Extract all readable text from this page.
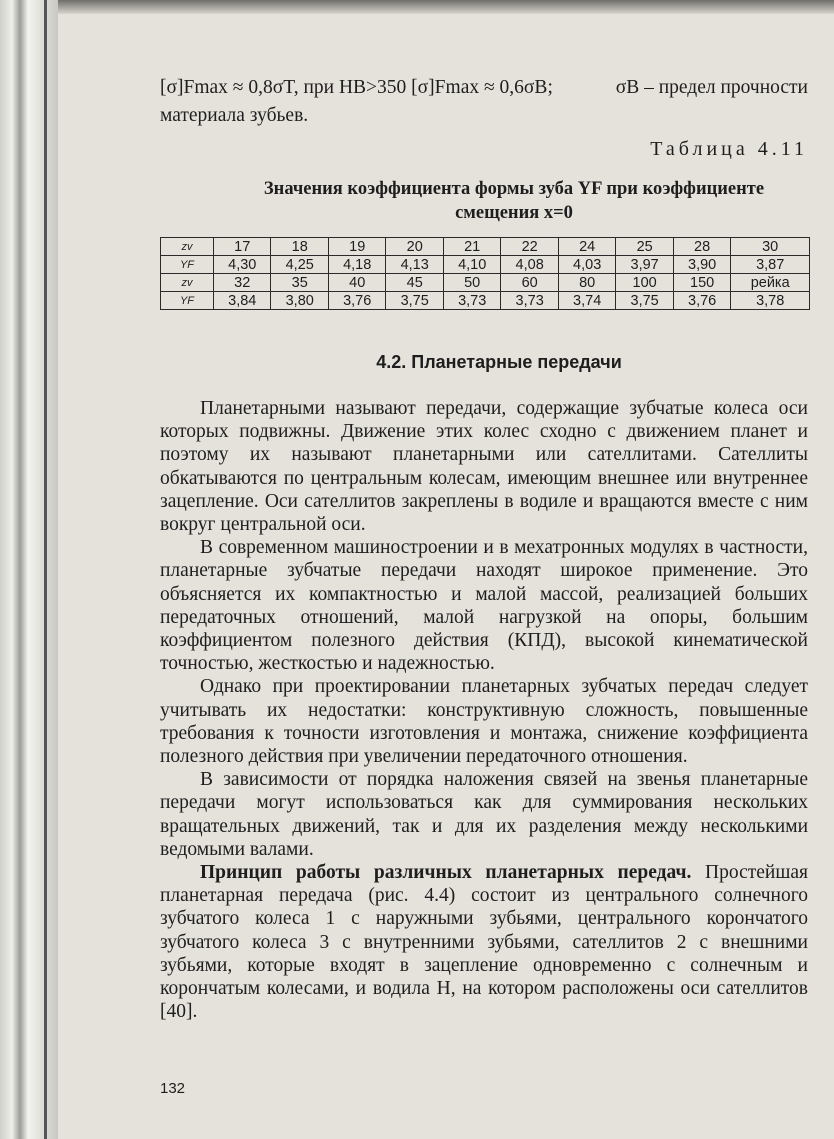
[σ]Fmax ≈ 0,8σT, при HB>350 [σ]Fmax ≈ 0,6σB;	σB – предел прочности
материала зубьев.
Таблица 4.11
Значения коэффициента формы зуба YF при коэффициенте
смещения x=0
zv	17	18	19	20	21	22	24	25	28	30
YF	4,30	4,25	4,18	4,13	4,10	4,08	4,03	3,97	3,90	3,87
zv	32	35	40	45	50	60	80	100	150	рейка
YF	3,84	3,80	3,76	3,75	3,73	3,73	3,74	3,75	3,76	3,78
4.2. Планетарные передачи

Планетарными называют передачи, содержащие зубчатые колеса оси которых подвижны. Движение этих колес сходно с движением планет и поэтому их называют планетарными или сателлитами. Сателлиты обкатываются по центральным колесам, имеющим внешнее или внутреннее зацепление. Оси сателлитов закреплены в водиле и вращаются вместе с ним вокруг центральной оси.

В современном машиностроении и в мехатронных модулях в частности, планетарные зубчатые передачи находят широкое применение. Это объясняется их компактностью и малой массой, реализацией больших передаточных отношений, малой нагрузкой на опоры, большим коэффициентом полезного действия (КПД), высокой кинематической точностью, жесткостью и надежностью.

Однако при проектировании планетарных зубчатых передач следует учитывать их недостатки: конструктивную сложность, повышенные требования к точности изготовления и монтажа, снижение коэффициента полезного действия при увеличении передаточного отношения.

В зависимости от порядка наложения связей на звенья планетарные передачи могут использоваться как для суммирования нескольких вращательных движений, так и для их разделения между несколькими ведомыми валами.

Принцип работы различных планетарных передач. Простейшая планетарная передача (рис. 4.4) состоит из центрального солнечного зубчатого колеса 1 с наружными зубьями, центрального корончатого зубчатого колеса 3 с внутренними зубьями, сателлитов 2 с внешними зубьями, которые входят в зацепление одновременно с солнечным и корончатым колесами, и водила Н, на котором расположены оси сателлитов [40].

132
